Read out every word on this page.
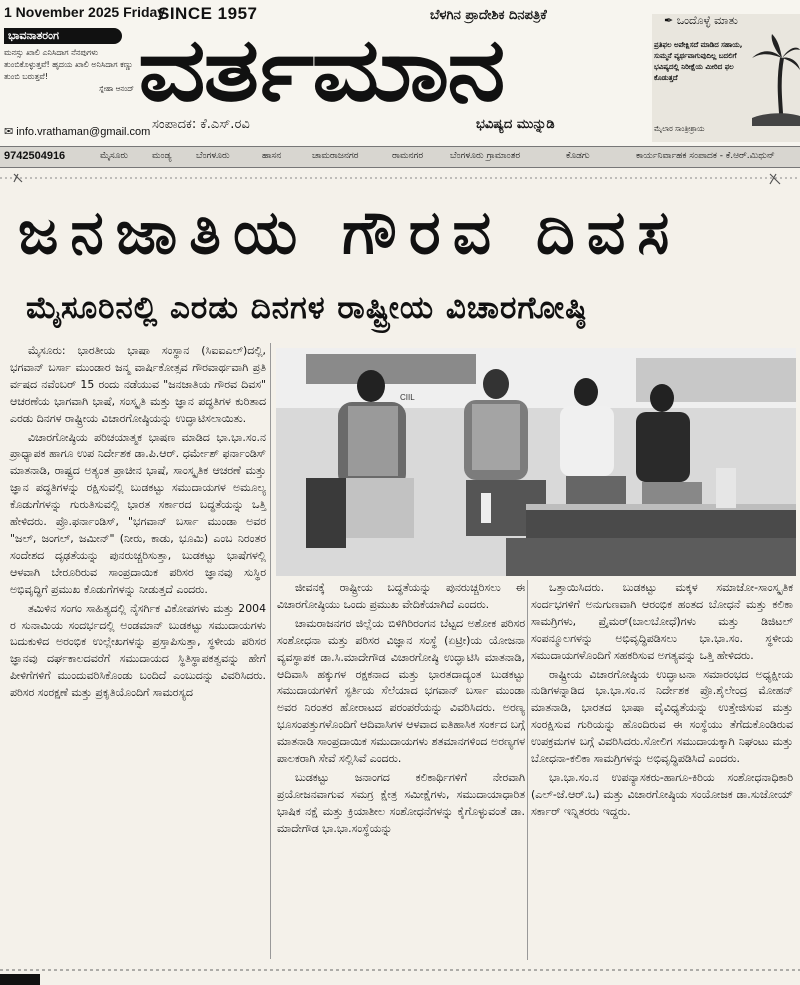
1 November 2025 Friday
SINCE 1957	ಬೆಳಗಿನ ಪ್ರಾದೇಶಿಕ ದಿನಪತ್ರಿಕೆ
ಭಾವನಾತರಂಗ
ಮನಸ್ಸು ಖಾಲಿ ಎನಿಸಿದಾಗ ನೆನಪುಗಳು ತುಂಬಿಕೊಳ್ಳುತ್ತವೆ! ಹೃದಯ ಖಾಲಿ ಅನಿಸಿದಾಗ ಕಣ್ಣು ತುಂಬಿ ಬರುತ್ತವೆ!
ಸ್ನೇಹಾ ಆನಂದ್ ವರ್ತಮಾನ
ಸಂಪಾದಕ: ಕೆ.ಎಸ್.ರವಿ	ಭವಿಷ್ಯದ ಮುನ್ನುಡಿ
✉ info.vrathaman@gmail.com
✒ ಒಂದೊಳ್ಳೆ ಮಾತು
ಪ್ರತಿಫಲ ಅಪೇಕ್ಷಿಸದೆ ಮಾಡಿದ ಸಹಾಯ, ಸುಮ್ಮನೆ ವ್ಯರ್ಥವಾಗುವುದಿಲ್ಲ ಬದಲಿಗೆ ಭವಿಷ್ಯದಲ್ಲಿ ನಿರೀಕ್ಷೆಯ ಮೀರಿದ ಫಲ ಕೊಡುತ್ತದೆ
ಮೈಲಾರ ಸಾಂತ್ರೀಶ್ರಾಯ
9742504916	ಮೈಸೂರು	ಮಂಡ್ಯ	ಬೆಂಗಳೂರು	ಹಾಸನ	ಚಾಮರಾಜನಗರ	ರಾಮನಗರ	ಬೆಂಗಳೂರು ಗ್ರಾಮಾಂತರ	ಕೊಡಗು	ಕಾರ್ಯನಿರ್ವಾಹಕ ಸಂಪಾದಕ - ಕೆ.ಆರ್.ಮಿಥುನ್
ಜನಜಾತಿಯ ಗೌರವ ದಿವಸ
ಮೈಸೂರಿನಲ್ಲಿ ಎರಡು ದಿನಗಳ ರಾಷ್ಟ್ರೀಯ ವಿಚಾರಗೋಷ್ಠಿ
CIIL

ಮೈಸೂರು: ಭಾರತೀಯ ಭಾಷಾ ಸಂಸ್ಥಾನ (ಸಿಐಐಎಲ್)ದಲ್ಲಿ, ಭಗವಾನ್ ಬರ್ಸಾ ಮುಂಡಾರ ಜನ್ಮ ವಾರ್ಷಿಕೋತ್ಸವ ಗೌರವಾರ್ಥವಾಗಿ ಪ್ರತಿ ರ್ವಷದ ನವೆಂಬರ್ 15 ರಂದು ನಡೆಯುವ "ಜನಜಾತಿಯ ಗೌರವ ದಿವಸ" ಆಚರಣೆಯ ಭಾಗವಾಗಿ ಭಾಷೆ, ಸಂಸ್ಕೃತಿ ಮತ್ತು ಜ್ಞಾನ ಪದ್ಧತಿಗಳ ಕುರಿತಾದ ಎರಡು ದಿನಗಳ ರಾಷ್ಟ್ರೀಯ ವಿಚಾರಗೋಷ್ಠಿಯನ್ನು ಉದ್ಘಾಟಿಸಲಾಯಿತು.

ವಿಚಾರಗೋಷ್ಠಿಯ ಪರಿಚಯಾತ್ಮಕ ಭಾಷಣ ಮಾಡಿದ ಭಾ.ಭಾ.ಸಂ.ನ ಪ್ರಾಧ್ಯಾಪಕ ಹಾಗೂ ಉಪ ನಿರ್ದೇಶಕ ಡಾ.ಪಿ.ಆರ್. ಧರ್ಮೇಶ್ ಫರ್ನಾಂಡಿಸ್ ಮಾತನಾಡಿ, ರಾಷ್ಟ್ರದ ಅತ್ಯಂತ ಪ್ರಾಚೀನ ಭಾಷೆ, ಸಾಂಸ್ಕೃತಿಕ ಆಚರಣೆ ಮತ್ತು ಜ್ಞಾನ ಪದ್ಧತಿಗಳನ್ನು ರಕ್ಷಿಸುವಲ್ಲಿ ಬುಡಕಟ್ಟು ಸಮುದಾಯಗಳ ಅಮೂಲ್ಯ ಕೊಡುಗೆಗಳನ್ನು ಗುರುತಿಸುವಲ್ಲಿ ಭಾರತ ಸರ್ಕಾರದ ಬದ್ಧತೆಯನ್ನು ಒತ್ತಿ ಹೇಳಿದರು. ಪ್ರೊ.ಫರ್ನಾಂಡಿಸ್, "ಭಗವಾನ್ ಬರ್ಸಾ ಮುಂಡಾ ಅವರ "ಜಲ್, ಜಂಗಲ್, ಜಮೀನ್" (ನೀರು, ಕಾಡು, ಭೂಮಿ) ಎಂಬ ನಿರಂತರ ಸಂದೇಶದ ದೃಢತೆಯನ್ನು ಪುನರುಚ್ಚರಿಸುತ್ತಾ, ಬುಡಕಟ್ಟು ಭಾಷೆಗಳಲ್ಲಿ ಆಳವಾಗಿ ಬೇರೂರಿರುವ ಸಾಂಪ್ರದಾಯಿಕ ಪರಿಸರ ಜ್ಞಾನವು ಸುಸ್ಥಿರ ಅಭಿವೃದ್ಧಿಗೆ ಪ್ರಮುಖ ಕೊಡುಗೆಗಳನ್ನು ನೀಡುತ್ತದೆ ಎಂದರು.

ತಮಿಳಿನ ಸಂಗಂ ಸಾಹಿತ್ಯದಲ್ಲಿ ನೈಸರ್ಗಿಕ ವಿಕೋಪಗಳು ಮತ್ತು 2004 ರ ಸುನಾಮಿಯ ಸಂದರ್ಭದಲ್ಲಿ ಅಂಡಮಾನ್ ಬುಡಕಟ್ಟು ಸಮುದಾಯಗಳು ಬದುಕುಳಿದ ಅರಂಭಿಕ ಉಲ್ಲೇಖಗಳನ್ನು ಪ್ರಸ್ತಾಪಿಸುತ್ತಾ, ಸ್ಥಳೀಯ ಪರಿಸರ ಜ್ಞಾನವು ದರ್ಘಕಾಲದವರೆಗೆ ಸಮುದಾಯದ ಸ್ಥಿತಿಸ್ಥಾಪಕತ್ವವನ್ನು ಹೇಗೆ ಪೀಳಿಗೆಗಳಿಗೆ ಮುಂದುವರಿಸಿಕೊಂಡು ಬಂದಿದೆ ಎಂಬುದನ್ನು ವಿವರಿಸಿದರು. ಪರಿಸರ ಸಂರಕ್ಷಣೆ ಮತ್ತು ಪ್ರಕೃತಿಯೊಂದಿಗೆ ಸಾಮರಸ್ಯದ

ಜೀವನಕ್ಕೆ ರಾಷ್ಟ್ರೀಯ ಬದ್ಧತೆಯನ್ನು ಪುನರುಚ್ಚರಿಸಲು ಈ ವಿಚಾರಗೋಷ್ಠಿಯು ಒಂದು ಪ್ರಮುಖ ವೇದಿಕೆಯಾಗಿದೆ ಎಂದರು.

ಚಾಮರಾಜನಗರ ಜಿಲ್ಲೆಯ ಬಿಳಿಗಿರಿರಂಗನ ಬೆಟ್ಟದ ಅಶೋಕ ಪರಿಸರ ಸಂಶೋಧನಾ ಮತ್ತು ಪರಿಸರ ವಿಜ್ಞಾನ ಸಂಸ್ಥೆ (ಏಟ್ರೀ)ಯ ಯೋಜನಾ ವ್ಯವಸ್ಥಾಪಕ ಡಾ.ಸಿ.ಮಾದೇಗೌಡ ವಿಚಾರಗೋಷ್ಠಿ ಉದ್ಘಾಟಿಸಿ ಮಾತನಾಡಿ, ಆದಿವಾಸಿ ಹಕ್ಕುಗಳ ರಕ್ಷಕನಾದ ಮತ್ತು ಭಾರತದಾದ್ಯಂತ ಬುಡಕಟ್ಟು ಸಮುದಾಯಗಳಿಗೆ ಸ್ಫರ್ತಿಯ ಸೆಲೆಯಾದ ಭಗವಾನ್ ಬರ್ಸಾ ಮುಂಡಾ ಅವರ ನಿರಂತರ ಹೋರಾಟದ ಪರಂಪರೆಯನ್ನು ವಿವರಿಸಿದರು. ಅರಣ್ಯ ಭೂಸಂಪತ್ತುಗಳೊಂದಿಗೆ ಆದಿವಾಸಿಗಳ ಆಳವಾದ ಐತಿಹಾಸಿಕ ಸಂರ್ಕದ ಬಗ್ಗೆ ಮಾತನಾಡಿ ಸಾಂಪ್ರದಾಯಿಕ ಸಮುದಾಯಗಳು ಶತಮಾನಗಳಿಂದ ಅರಣ್ಯಗಳ ಪಾಲಕರಾಗಿ ಸೇವೆ ಸಲ್ಲಿಸಿವೆ ಎಂದರು.

ಬುಡಕಟ್ಟು ಜನಾಂಗದ ಕಲಿಕಾರ್ಥಿಗಳಿಗೆ ನೇರವಾಗಿ ಪ್ರಯೋಜನವಾಗುವ ಸಮಗ್ರ ಕ್ಷೇತ್ರ ಸಮೀಕ್ಷೆಗಳು, ಸಮುದಾಯಾಧಾರಿತ ಭಾಷಿಕ ನಕ್ಷೆ ಮತ್ತು ಕ್ರಿಯಾಶೀಲ ಸಂಶೋಧನೆಗಳನ್ನು ಕೈಗೊಳ್ಳುವಂತೆ ಡಾ. ಮಾದೇಗೌಡ ಭಾ.ಭಾ.ಸಂಸ್ಥೆಯನ್ನು

ಒತ್ತಾಯಿಸಿದರು. ಬುಡಕಟ್ಟು ಮಕ್ಕಳ ಸಮಾಜೋ-ಸಾಂಸ್ಕೃತಿಕ ಸಂರ್ದಭಗಳಿಗೆ ಅನುಗುಣವಾಗಿ ಆರಂಭಿಕ ಹಂತದ ಬೋಧನೆ ಮತ್ತು ಕಲಿಕಾ ಸಾಮಗ್ರಿಗಳು, ಪ್ರೈಮರ್(ಬಾಲಬೋಧೆ)ಗಳು ಮತ್ತು ಡಿಜಿಟಲ್ ಸಂಪನ್ಮೂಲಗಳನ್ನು ಅಭಿವೃದ್ಧಿಪಡಿಸಲು ಭಾ.ಭಾ.ಸಂ. ಸ್ಥಳೀಯ ಸಮುದಾಯಗಳೊಂದಿಗೆ ಸಹಕರಿಸುವ ಅಗತ್ಯವನ್ನು ಒತ್ತಿ ಹೇಳಿದರು.

ರಾಷ್ಟ್ರೀಯ ವಿಚಾರಗೋಷ್ಠಿಯ ಉದ್ಘಾಟನಾ ಸಮಾರಂಭದ ಅಧ್ಯಕ್ಷೀಯ ನುಡಿಗಳನ್ನಾಡಿದ ಭಾ.ಭಾ.ಸಂ.ನ ನಿರ್ದೇಶಕ ಪ್ರೊ.ಶೈಲೇಂದ್ರ ಮೋಹನ್ ಮಾತನಾಡಿ, ಭಾರತದ ಭಾಷಾ ವೈವಿಧ್ಯತೆಯನ್ನು ಉತ್ತೇಜಿಸುವ ಮತ್ತು ಸಂರಕ್ಷಿಸುವ ಗುರಿಯನ್ನು ಹೊಂದಿರುವ ಈ ಸಂಸ್ಥೆಯು ತೆಗೆದುಕೊಂಡಿರುವ ಉಪಕ್ರಮಗಳ ಬಗ್ಗೆ ವಿವರಿಸಿದರು.ಸೋಲಿಗ ಸಮುದಾಯಕ್ಕಾಗಿ ನಿಘಂಟು ಮತ್ತು ಬೋಧನಾ-ಕಲಿಕಾ ಸಾಮಗ್ರಿಗಳನ್ನು ಅಭಿವೃದ್ಧಿಪಡಿಸಿದೆ ಎಂದರು.

ಭಾ.ಭಾ.ಸಂ.ನ ಉಪನ್ಯಾಸಕರು-ಹಾಗೂ-ಕಿರಿಯ ಸಂಶೋಧನಾಧಿಕಾರಿ (ಎಲ್-ಜೆ.ಆರ್.ಒ) ಮತ್ತು ವಿಚಾರಗೋಷ್ಠಿಯ ಸಂಯೋಜಕ ಡಾ.ಸುಜೋಯ್ ಸರ್ಕಾರ್ ಇನ್ನಿತರರು ಇದ್ದರು.
